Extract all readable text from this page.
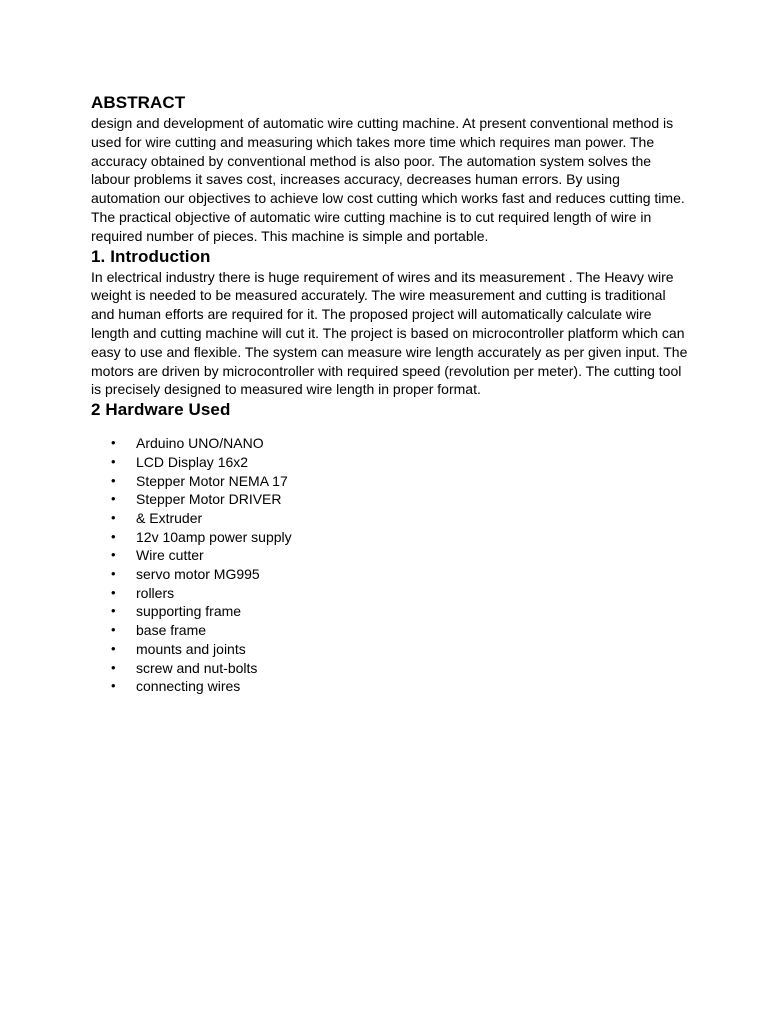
ABSTRACT

design and development of automatic wire cutting machine. At present conventional method is used for wire cutting and measuring which takes more time which requires man power. The accuracy obtained by conventional method is also poor. The automation system solves the labour problems it saves cost, increases accuracy, decreases human errors. By using automation our objectives to achieve low cost cutting which works fast and reduces cutting time. The practical objective of automatic wire cutting machine is to cut required length of wire in required number of pieces. This machine is simple and portable.

1. Introduction

In electrical industry there is huge requirement of wires and its measurement . The Heavy wire weight is needed to be measured accurately. The wire measurement and cutting is traditional and human efforts are required for it. The proposed project will automatically calculate wire length and cutting machine will cut it. The project is based on microcontroller platform which can easy to use and flexible. The system can measure wire length accurately as per given input. The motors are driven by microcontroller with required speed (revolution per meter). The cutting tool is precisely designed to measured wire length in proper format.

2 Hardware Used
• Arduino UNO/NANO
• LCD Display 16x2
• Stepper Motor NEMA 17
• Stepper Motor DRIVER
• & Extruder
• 12v 10amp power supply
• Wire cutter
• servo motor MG995
• rollers
• supporting frame
• base frame
• mounts and joints
• screw and nut-bolts
• connecting wires
